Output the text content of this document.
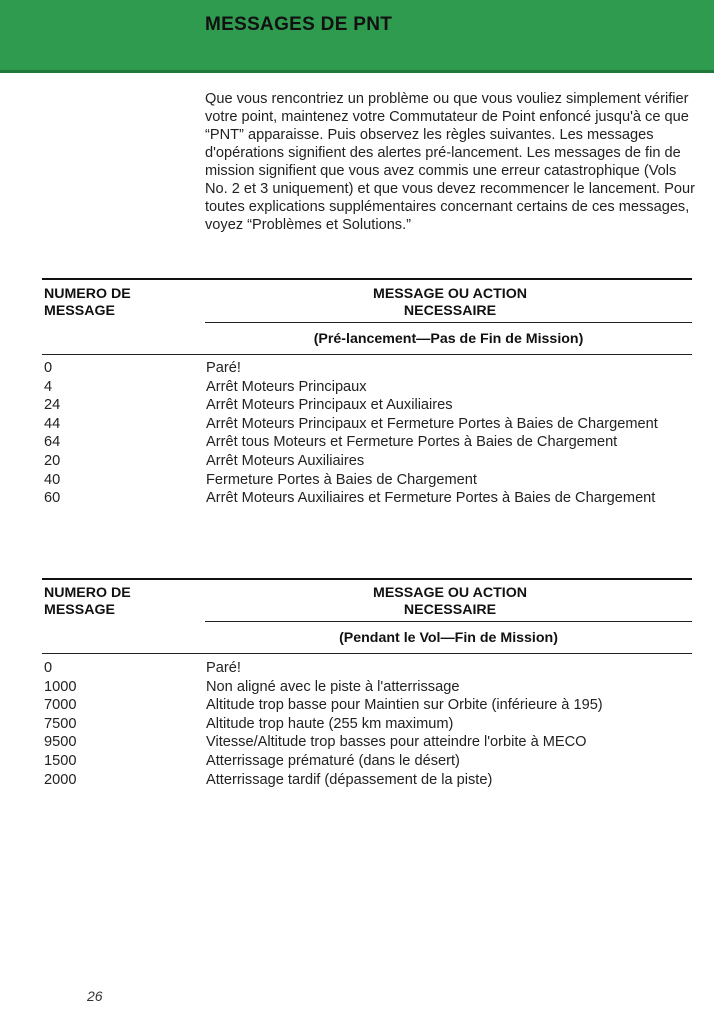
MESSAGES DE PNT
Que vous rencontriez un problème ou que vous vouliez simplement vérifier votre point, maintenez votre Commutateur de Point enfoncé jusqu'à ce que “PNT” apparaisse. Puis observez les règles suivantes. Les messages d'opérations signifient des alertes pré-lancement. Les messages de fin de mission signifient que vous avez commis une erreur catastrophique (Vols No. 2 et 3 uniquement) et que vous devez recommencer le lancement. Pour toutes explications supplémentaires concernant certains de ces messages, voyez “Problèmes et Solutions.”
NUMERO DE MESSAGE
MESSAGE OU ACTION NECESSAIRE
(Pré-lancement—Pas de Fin de Mission)
0	Paré!
4	Arrêt Moteurs Principaux
24	Arrêt Moteurs Principaux et Auxiliaires
44	Arrêt Moteurs Principaux et Fermeture Portes à Baies de Chargement
64	Arrêt tous Moteurs et Fermeture Portes à Baies de Chargement
20	Arrêt Moteurs Auxiliaires
40	Fermeture Portes à Baies de Chargement
60	Arrêt Moteurs Auxiliaires et Fermeture Portes à Baies de Chargement
NUMERO DE MESSAGE
MESSAGE OU ACTION NECESSAIRE
(Pendant le Vol—Fin de Mission)
0	Paré!
1000	Non aligné avec le piste à l'atterrissage
7000	Altitude trop basse pour Maintien sur Orbite (inférieure à 195)
7500	Altitude trop haute (255 km maximum)
9500	Vitesse/Altitude trop basses pour atteindre l'orbite à MECO
1500	Atterrissage prématuré (dans le désert)
2000	Atterrissage tardif (dépassement de la piste)
26
